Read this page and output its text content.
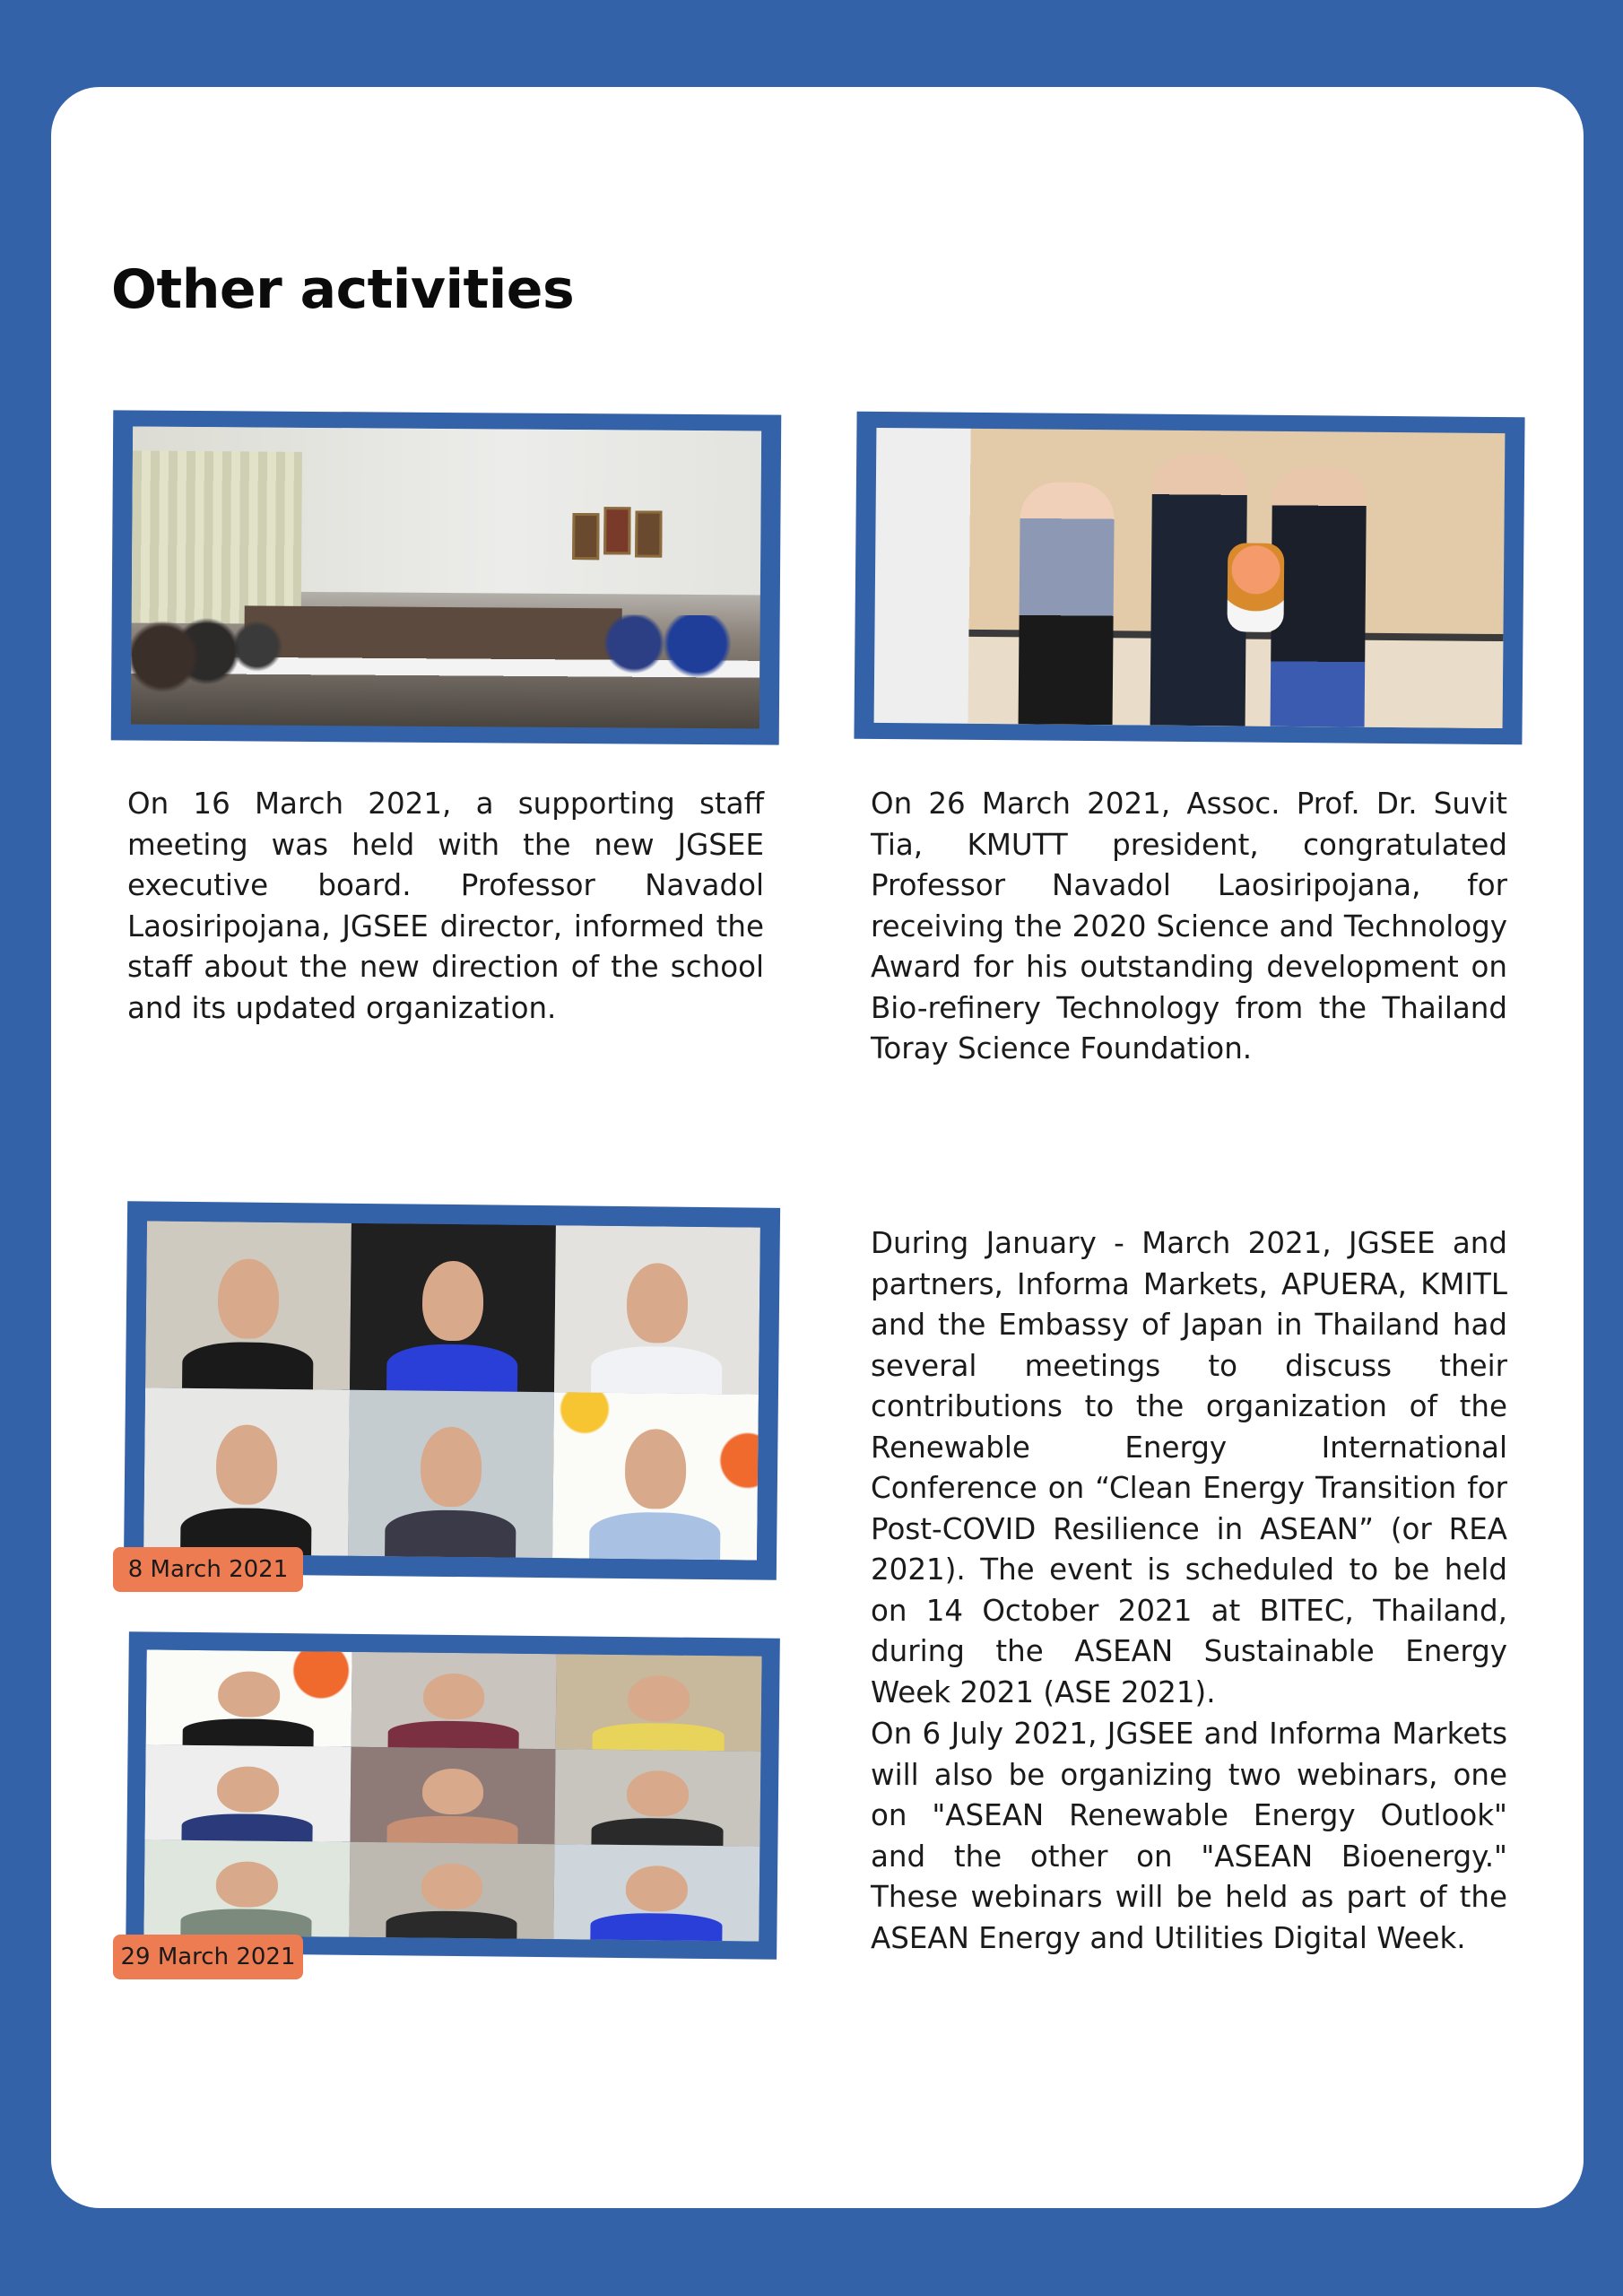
Other activities

On 16 March 2021, a supporting staff meeting was held with the new JGSEE executive board. Professor Navadol Laosiripojana, JGSEE director, informed the staff about the new direction of the school and its updated organization.

On 26 March 2021, Assoc. Prof. Dr. Suvit Tia, KMUTT president, congratulated Professor Navadol Laosiripojana, for receiving the 2020 Science and Technology Award for his outstanding development on Bio-refinery Technology from the Thailand Toray Science Foundation.

8 March 2021
29 March 2021

During January - March 2021, JGSEE and partners, Informa Markets, APUERA, KMITL and the Embassy of Japan in Thailand had several meetings to discuss their contributions to the organization of the Renewable Energy International Conference on “Clean Energy Transition for Post-COVID Resilience in ASEAN” (or REA 2021). The event is scheduled to be held on 14 October 2021 at BITEC, Thailand, during the ASEAN Sustainable Energy Week 2021 (ASE 2021).

On 6 July 2021, JGSEE and Informa Markets will also be organizing two webinars, one on "ASEAN Renewable Energy Outlook" and the other on "ASEAN Bioenergy." These webinars will be held as part of the ASEAN Energy and Utilities Digital Week.
